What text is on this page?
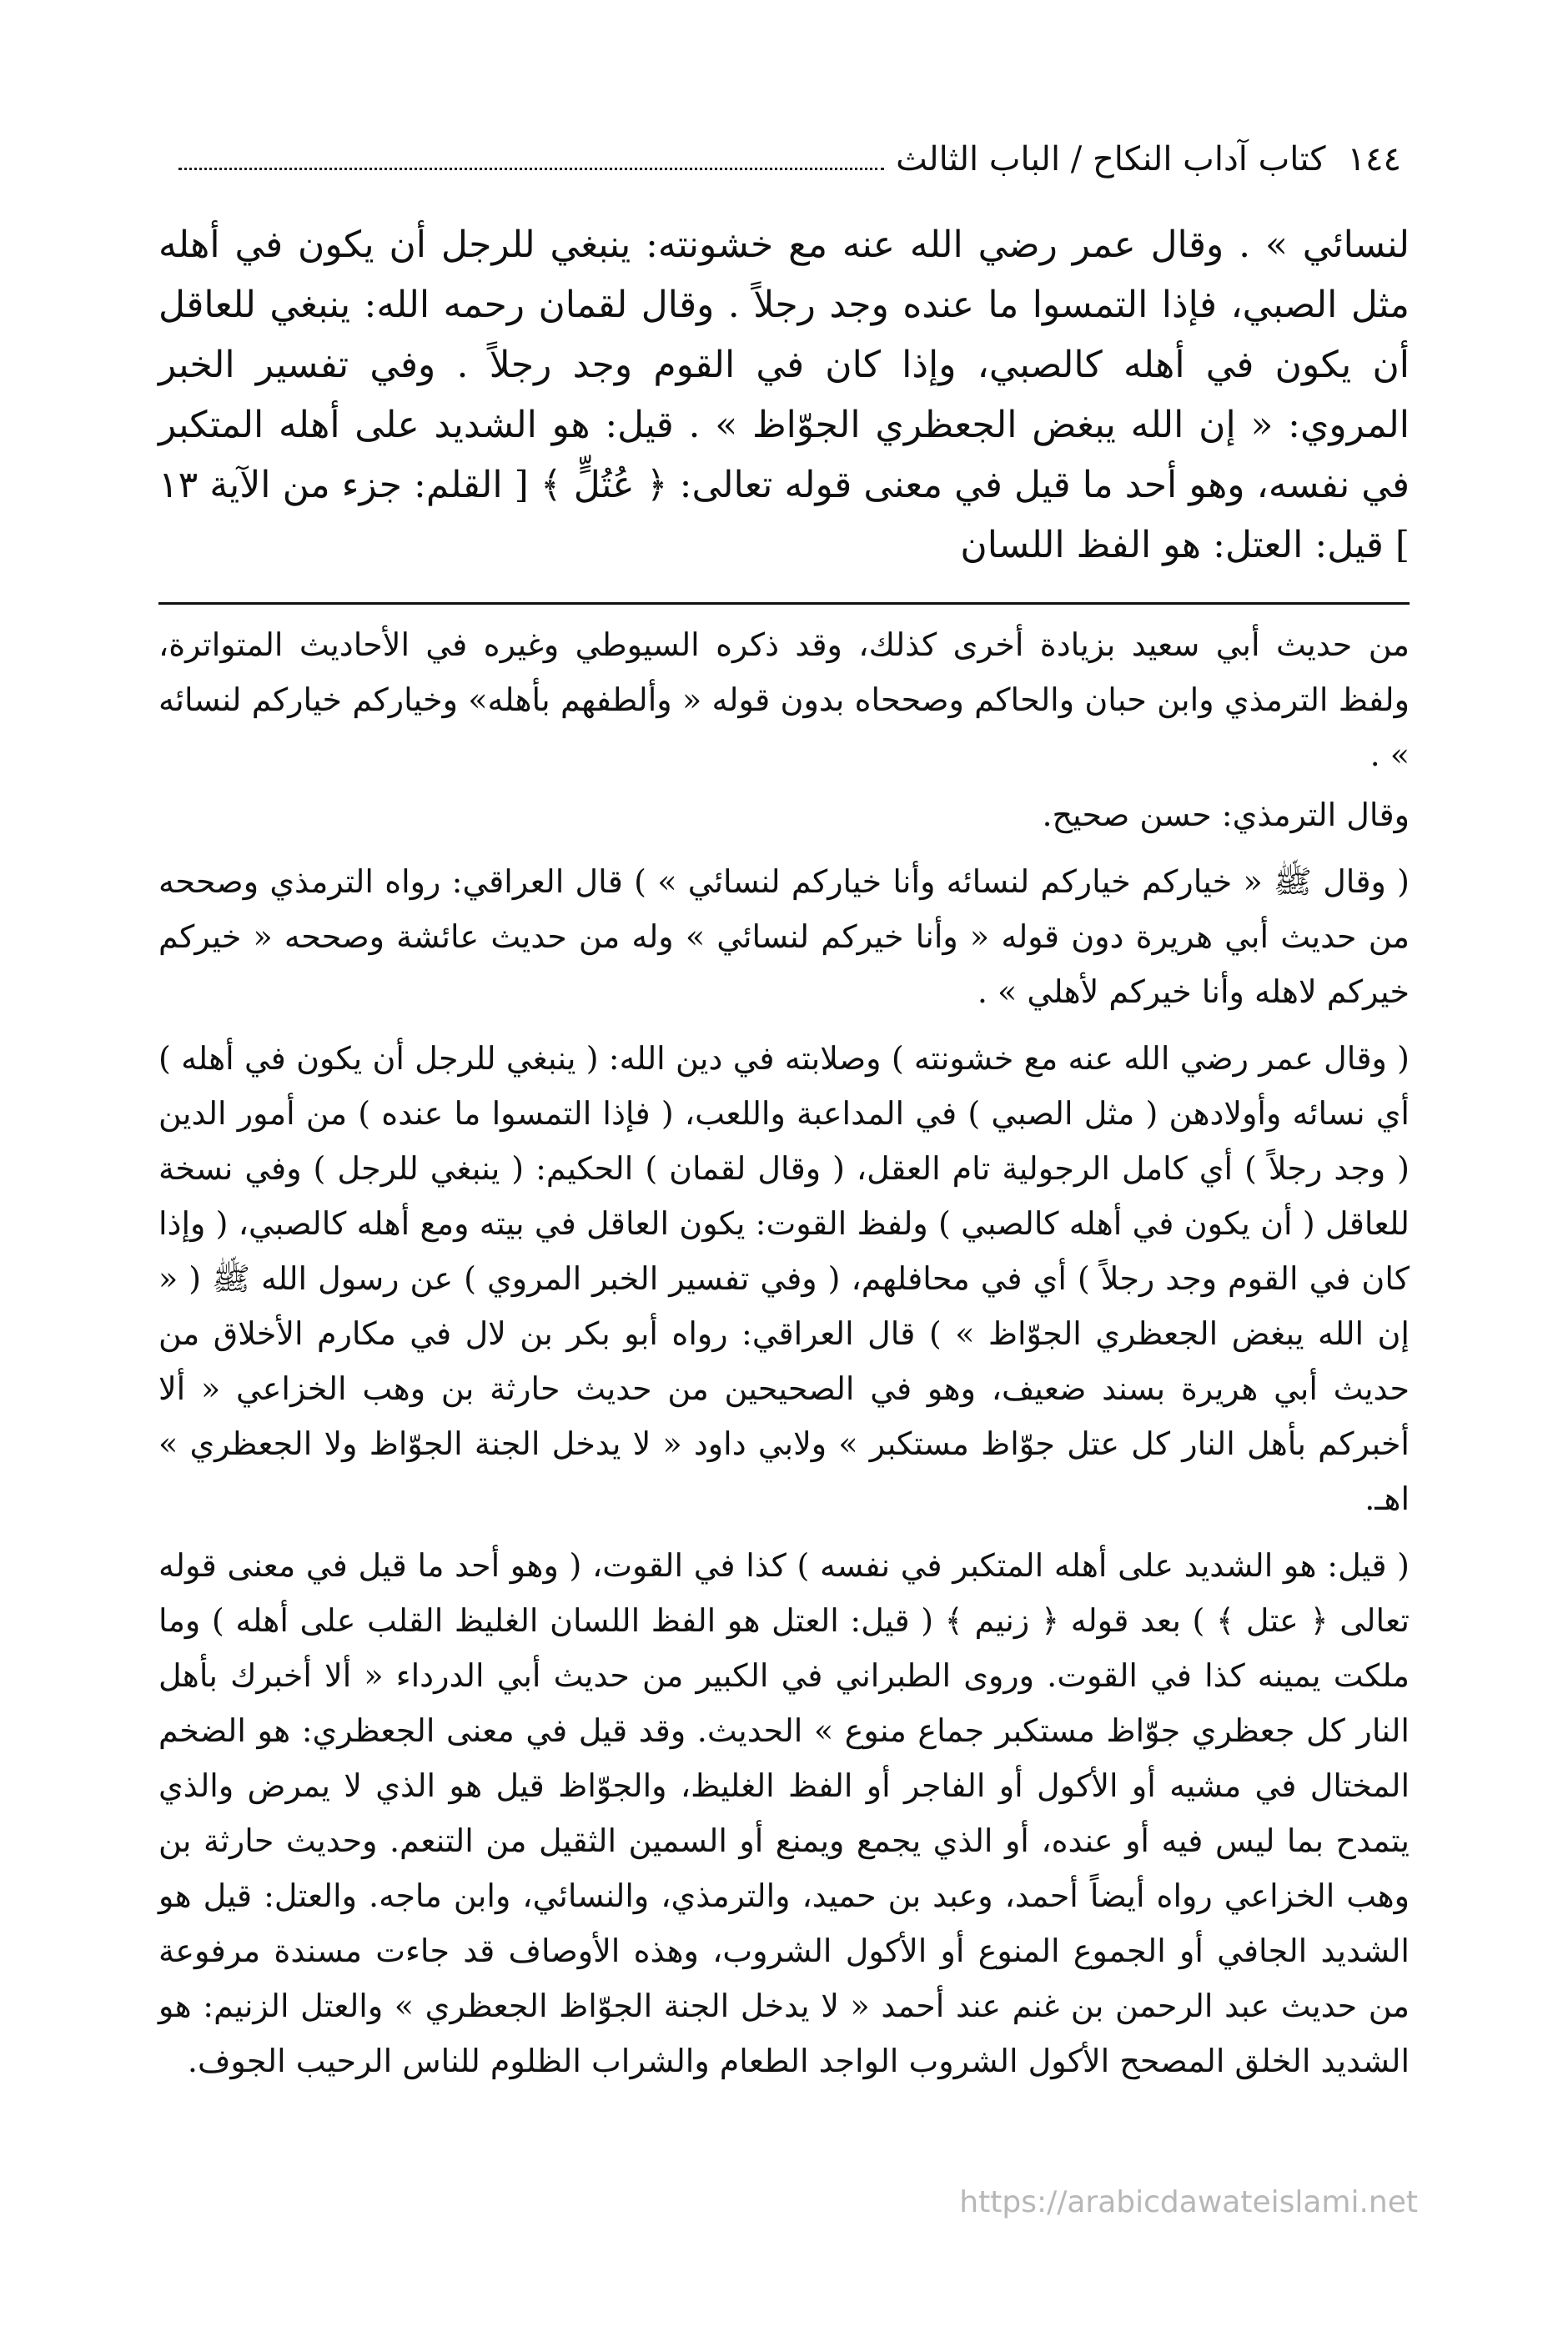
١٤٤
كتاب آداب النكاح / الباب الثالث

لنسائي » . وقال عمر رضي الله عنه مع خشونته: ينبغي للرجل أن يكون في أهله مثل الصبي، فإذا التمسوا ما عنده وجد رجلاً . وقال لقمان رحمه الله: ينبغي للعاقل أن يكون في أهله كالصبي، وإذا كان في القوم وجد رجلاً . وفي تفسير الخبر المروي: « إن الله يبغض الجعظري الجوّاظ » . قيل: هو الشديد على أهله المتكبر في نفسه، وهو أحد ما قيل في معنى قوله تعالى: ﴿ عُتُلٍّ ﴾ [ القلم: جزء من الآية ١٣ ] قيل: العتل: هو الفظ اللسان

من حديث أبي سعيد بزيادة أخرى كذلك، وقد ذكره السيوطي وغيره في الأحاديث المتواترة، ولفظ الترمذي وابن حبان والحاكم وصححاه بدون قوله « وألطفهم بأهله» وخياركم خياركم لنسائه » .

وقال الترمذي: حسن صحيح.

( وقال ﷺ « خياركم خياركم لنسائه وأنا خياركم لنسائي » ) قال العراقي: رواه الترمذي وصححه من حديث أبي هريرة دون قوله « وأنا خيركم لنسائي » وله من حديث عائشة وصححه « خيركم خيركم لاهله وأنا خيركم لأهلي » .

( وقال عمر رضي الله عنه مع خشونته ) وصلابته في دين الله: ( ينبغي للرجل أن يكون في أهله ) أي نسائه وأولادهن ( مثل الصبي ) في المداعبة واللعب، ( فإذا التمسوا ما عنده ) من أمور الدين ( وجد رجلاً ) أي كامل الرجولية تام العقل، ( وقال لقمان ) الحكيم: ( ينبغي للرجل ) وفي نسخة للعاقل ( أن يكون في أهله كالصبي ) ولفظ القوت: يكون العاقل في بيته ومع أهله كالصبي، ( وإذا كان في القوم وجد رجلاً ) أي في محافلهم، ( وفي تفسير الخبر المروي ) عن رسول الله ﷺ ( « إن الله يبغض الجعظري الجوّاظ » ) قال العراقي: رواه أبو بكر بن لال في مكارم الأخلاق من حديث أبي هريرة بسند ضعيف، وهو في الصحيحين من حديث حارثة بن وهب الخزاعي « ألا أخبركم بأهل النار كل عتل جوّاظ مستكبر » ولابي داود « لا يدخل الجنة الجوّاظ ولا الجعظري » اهـ.

( قيل: هو الشديد على أهله المتكبر في نفسه ) كذا في القوت، ( وهو أحد ما قيل في معنى قوله تعالى ﴿ عتل ﴾ ) بعد قوله ﴿ زنيم ﴾ ( قيل: العتل هو الفظ اللسان الغليظ القلب على أهله ) وما ملكت يمينه كذا في القوت. وروى الطبراني في الكبير من حديث أبي الدرداء « ألا أخبرك بأهل النار كل جعظري جوّاظ مستكبر جماع منوع » الحديث. وقد قيل في معنى الجعظري: هو الضخم المختال في مشيه أو الأكول أو الفاجر أو الفظ الغليظ، والجوّاظ قيل هو الذي لا يمرض والذي يتمدح بما ليس فيه أو عنده، أو الذي يجمع ويمنع أو السمين الثقيل من التنعم. وحديث حارثة بن وهب الخزاعي رواه أيضاً أحمد، وعبد بن حميد، والترمذي، والنسائي، وابن ماجه. والعتل: قيل هو الشديد الجافي أو الجموع المنوع أو الأكول الشروب، وهذه الأوصاف قد جاءت مسندة مرفوعة من حديث عبد الرحمن بن غنم عند أحمد « لا يدخل الجنة الجوّاظ الجعظري » والعتل الزنيم: هو الشديد الخلق المصحح الأكول الشروب الواجد الطعام والشراب الظلوم للناس الرحيب الجوف.

https://arabicdawateislami.net
